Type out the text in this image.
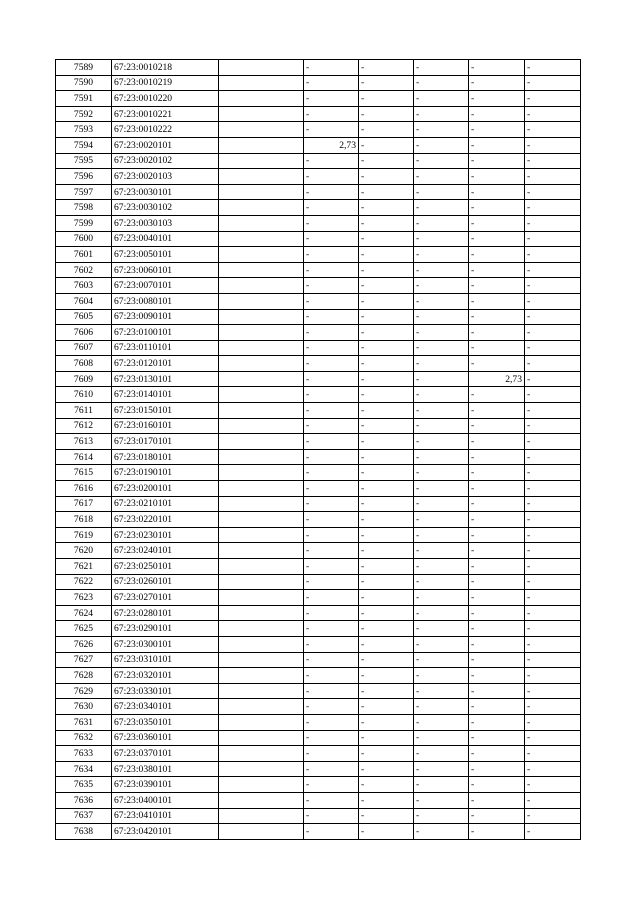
7589	67:23:0010218		-	-	-	-	-
7590	67:23:0010219		-	-	-	-	-
7591	67:23:0010220		-	-	-	-	-
7592	67:23:0010221		-	-	-	-	-
7593	67:23:0010222		-	-	-	-	-
7594	67:23:0020101		2,73	-	-	-	-
7595	67:23:0020102		-	-	-	-	-
7596	67:23:0020103		-	-	-	-	-
7597	67:23:0030101		-	-	-	-	-
7598	67:23:0030102		-	-	-	-	-
7599	67:23:0030103		-	-	-	-	-
7600	67:23:0040101		-	-	-	-	-
7601	67:23:0050101		-	-	-	-	-
7602	67:23:0060101		-	-	-	-	-
7603	67:23:0070101		-	-	-	-	-
7604	67:23:0080101		-	-	-	-	-
7605	67:23:0090101		-	-	-	-	-
7606	67:23:0100101		-	-	-	-	-
7607	67:23:0110101		-	-	-	-	-
7608	67:23:0120101		-	-	-	-	-
7609	67:23:0130101		-	-	-	2,73	-
7610	67:23:0140101		-	-	-	-	-
7611	67:23:0150101		-	-	-	-	-
7612	67:23:0160101		-	-	-	-	-
7613	67:23:0170101		-	-	-	-	-
7614	67:23:0180101		-	-	-	-	-
7615	67:23:0190101		-	-	-	-	-
7616	67:23:0200101		-	-	-	-	-
7617	67:23:0210101		-	-	-	-	-
7618	67:23:0220101		-	-	-	-	-
7619	67:23:0230101		-	-	-	-	-
7620	67:23:0240101		-	-	-	-	-
7621	67:23:0250101		-	-	-	-	-
7622	67:23:0260101		-	-	-	-	-
7623	67:23:0270101		-	-	-	-	-
7624	67:23:0280101		-	-	-	-	-
7625	67:23:0290101		-	-	-	-	-
7626	67:23:0300101		-	-	-	-	-
7627	67:23:0310101		-	-	-	-	-
7628	67:23:0320101		-	-	-	-	-
7629	67:23:0330101		-	-	-	-	-
7630	67:23:0340101		-	-	-	-	-
7631	67:23:0350101		-	-	-	-	-
7632	67:23:0360101		-	-	-	-	-
7633	67:23:0370101		-	-	-	-	-
7634	67:23:0380101		-	-	-	-	-
7635	67:23:0390101		-	-	-	-	-
7636	67:23:0400101		-	-	-	-	-
7637	67:23:0410101		-	-	-	-	-
7638	67:23:0420101		-	-	-	-	-
